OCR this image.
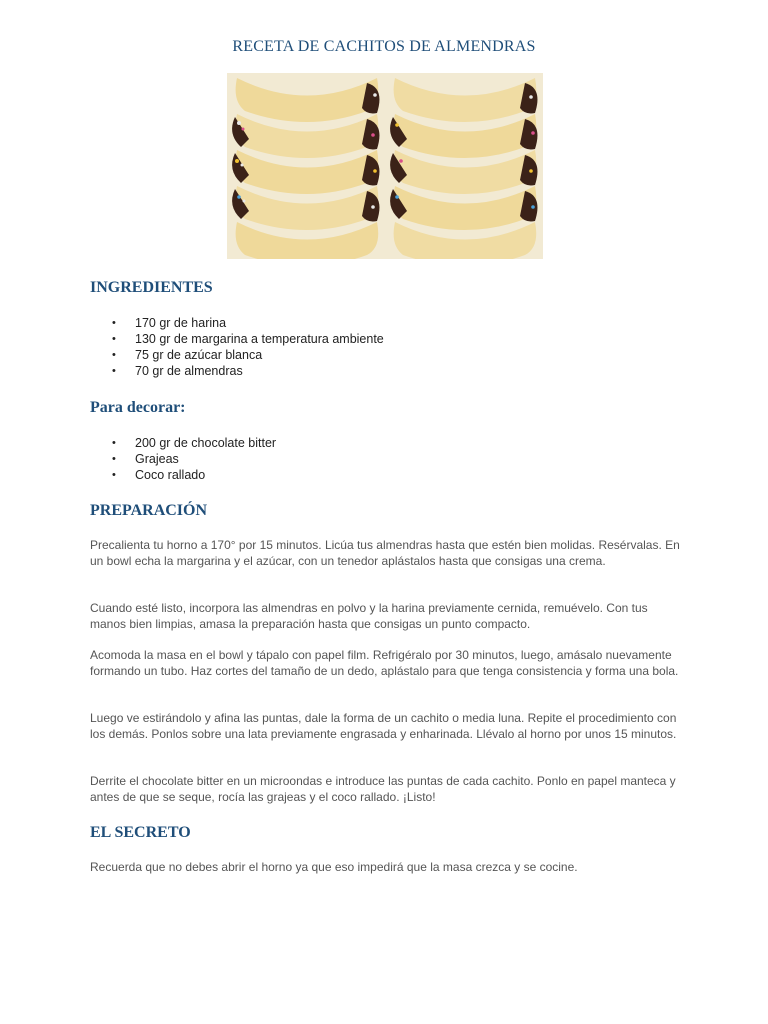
RECETA DE CACHITOS DE ALMENDRAS
INGREDIENTES
• 170 gr de harina
• 130 gr de margarina a temperatura ambiente
• 75 gr de azúcar blanca
• 70 gr de almendras
Para decorar:
• 200 gr de chocolate bitter
• Grajeas
• Coco rallado
PREPARACIÓN

Precalienta tu horno a 170° por 15 minutos. Licúa tus almendras hasta que estén bien molidas. Resérvalas. En un bowl echa la margarina y el azúcar, con un tenedor aplástalos hasta que consigas una crema.

Cuando esté listo, incorpora las almendras en polvo y la harina previamente cernida, remuévelo. Con tus manos bien limpias, amasa la preparación hasta que consigas un punto compacto.

Acomoda la masa en el bowl y tápalo con papel film. Refrigéralo por 30 minutos, luego, amásalo nuevamente formando un tubo. Haz cortes del tamaño de un dedo, aplástalo para que tenga consistencia y forma una bola.

Luego ve estirándolo y afina las puntas, dale la forma de un cachito o media luna. Repite el procedimiento con los demás. Ponlos sobre una lata previamente engrasada y enharinada. Llévalo al horno por unos 15 minutos.

Derrite el chocolate bitter en un microondas e introduce las puntas de cada cachito. Ponlo en papel manteca y antes de que se seque, rocía las grajeas y el coco rallado. ¡Listo!

EL SECRETO

Recuerda que no debes abrir el horno ya que eso impedirá que la masa crezca y se cocine.
